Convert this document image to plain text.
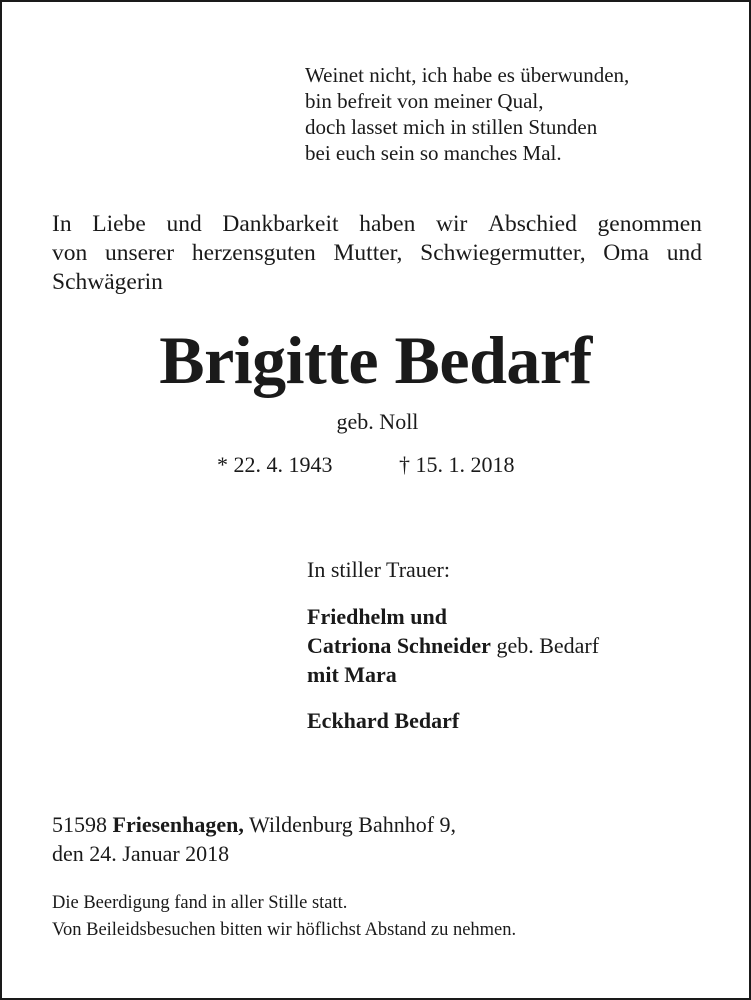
Weinet nicht, ich habe es überwunden,
bin befreit von meiner Qual,
doch lasset mich in stillen Stunden
bei euch sein so manches Mal.
In Liebe und Dankbarkeit haben wir Abschied genommen
von unserer herzensguten Mutter, Schwiegermutter, Oma und
Schwägerin
Brigitte Bedarf
geb. Noll
* 22. 4. 1943	† 15. 1. 2018
In stiller Trauer:
Friedhelm und
Catriona Schneider geb. Bedarf
mit Mara
Eckhard Bedarf
51598 Friesenhagen, Wildenburg Bahnhof 9,
den 24. Januar 2018
Die Beerdigung fand in aller Stille statt.
Von Beileidsbesuchen bitten wir höflichst Abstand zu nehmen.
